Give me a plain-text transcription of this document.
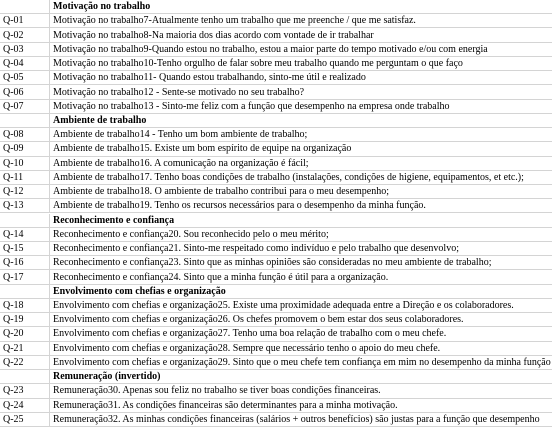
Motivação no trabalho
Q-01	Motivação no trabalho7-Atualmente tenho um trabalho que me preenche / que me satisfaz.
Q-02	Motivação no trabalho8-Na maioria dos dias acordo com vontade de ir trabalhar
Q-03	Motivação no trabalho9-Quando estou no trabalho, estou a maior parte do tempo motivado e/ou com energia
Q-04	Motivação no trabalho10-Tenho orgulho de falar sobre meu trabalho quando me perguntam o que faço
Q-05	Motivação no trabalho11- Quando estou trabalhando, sinto-me útil e realizado
Q-06	Motivação no trabalho12 - Sente-se motivado no seu trabalho?
Q-07	Motivação no trabalho13 - Sinto-me feliz com a função que desempenho na empresa onde trabalho
Ambiente de trabalho
Q-08	Ambiente de trabalho14 - Tenho um bom ambiente de trabalho;
Q-09	Ambiente de trabalho15. Existe um bom espírito de equipe na organização
Q-10	Ambiente de trabalho16. A comunicação na organização é fácil;
Q-11	Ambiente de trabalho17. Tenho boas condições de trabalho (instalações, condições de higiene, equipamentos, et etc.);
Q-12	Ambiente de trabalho18. O ambiente de trabalho contribui para o meu desempenho;
Q-13	Ambiente de trabalho19. Tenho os recursos necessários para o desempenho da minha função.
Reconhecimento e confiança
Q-14	Reconhecimento e confiança20. Sou reconhecido pelo o meu mérito;
Q-15	Reconhecimento e confiança21. Sinto-me respeitado como indivíduo e pelo trabalho que desenvolvo;
Q-16	Reconhecimento e confiança23. Sinto que as minhas opiniões são consideradas no meu ambiente de trabalho;
Q-17	Reconhecimento e confiança24. Sinto que a minha função é útil para a organização.
Envolvimento com chefias e organização
Q-18	Envolvimento com chefias e organização25. Existe uma proximidade adequada entre a Direção e os colaboradores.
Q-19	Envolvimento com chefias e organização26. Os chefes promovem o bem estar dos seus colaboradores.
Q-20	Envolvimento com chefias e organização27. Tenho uma boa relação de trabalho com o meu chefe.
Q-21	Envolvimento com chefias e organização28. Sempre que necessário tenho o apoio do meu chefe.
Q-22	Envolvimento com chefias e organização29. Sinto que o meu chefe tem confiança em mim no desempenho da minha função
Remuneração (invertido)
Q-23	Remuneração30. Apenas sou feliz no trabalho se tiver boas condições financeiras.
Q-24	Remuneração31. As condições financeiras são determinantes para a minha motivação.
Q-25	Remuneração32. As minhas condições financeiras (salários + outros benefícios) são justas para a função que desempenho
